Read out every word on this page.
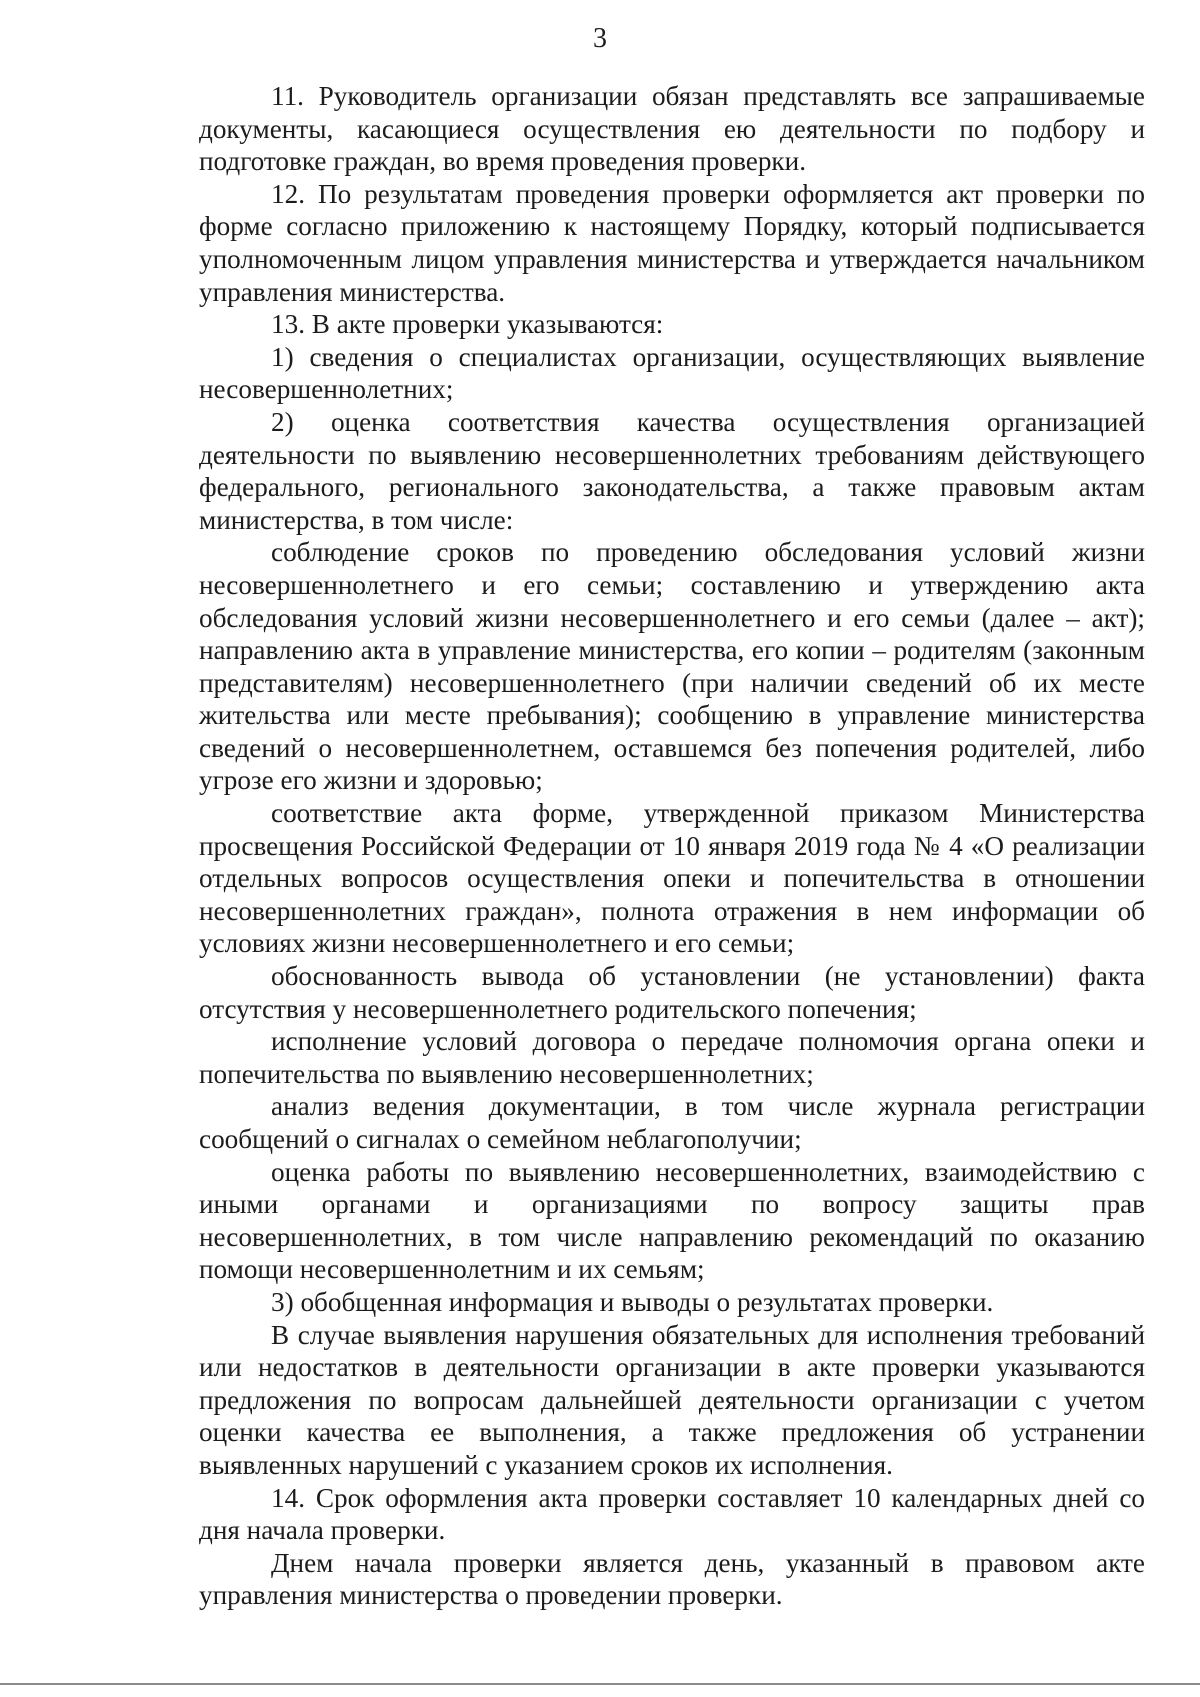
3

11. Руководитель организации обязан представлять все запрашиваемые документы, касающиеся осуществления ею деятельности по подбору и подготовке граждан, во время проведения проверки.

12. По результатам проведения проверки оформляется акт проверки по форме согласно приложению к настоящему Порядку, который подписывается уполномоченным лицом управления министерства и утверждается начальником управления министерства.

13. В акте проверки указываются:

1) сведения о специалистах организации, осуществляющих выявление несовершеннолетних;

2) оценка соответствия качества осуществления организацией деятельности по выявлению несовершеннолетних требованиям действующего федерального, регионального законодательства, а также правовым актам министерства, в том числе:

соблюдение сроков по проведению обследования условий жизни несовершеннолетнего и его семьи; составлению и утверждению акта обследования условий жизни несовершеннолетнего и его семьи (далее – акт); направлению акта в управление министерства, его копии – родителям (законным представителям) несовершеннолетнего (при наличии сведений об их месте жительства или месте пребывания); сообщению в управление министерства сведений о несовершеннолетнем, оставшемся без попечения родителей, либо угрозе его жизни и здоровью;

соответствие акта форме, утвержденной приказом Министерства просвещения Российской Федерации от 10 января 2019 года № 4 «О реализации отдельных вопросов осуществления опеки и попечительства в отношении несовершеннолетних граждан», полнота отражения в нем информации об условиях жизни несовершеннолетнего и его семьи;

обоснованность вывода об установлении (не установлении) факта отсутствия у несовершеннолетнего родительского попечения;

исполнение условий договора о передаче полномочия органа опеки и попечительства по выявлению несовершеннолетних;

анализ ведения документации, в том числе журнала регистрации сообщений о сигналах о семейном неблагополучии;

оценка работы по выявлению несовершеннолетних, взаимодействию с иными органами и организациями по вопросу защиты прав несовершеннолетних, в том числе направлению рекомендаций по оказанию помощи несовершеннолетним и их семьям;

3) обобщенная информация и выводы о результатах проверки.

В случае выявления нарушения обязательных для исполнения требований или недостатков в деятельности организации в акте проверки указываются предложения по вопросам дальнейшей деятельности организации с учетом оценки качества ее выполнения, а также предложения об устранении выявленных нарушений с указанием сроков их исполнения.

14. Срок оформления акта проверки составляет 10 календарных дней со дня начала проверки.

Днем начала проверки является день, указанный в правовом акте управления министерства о проведении проверки.
